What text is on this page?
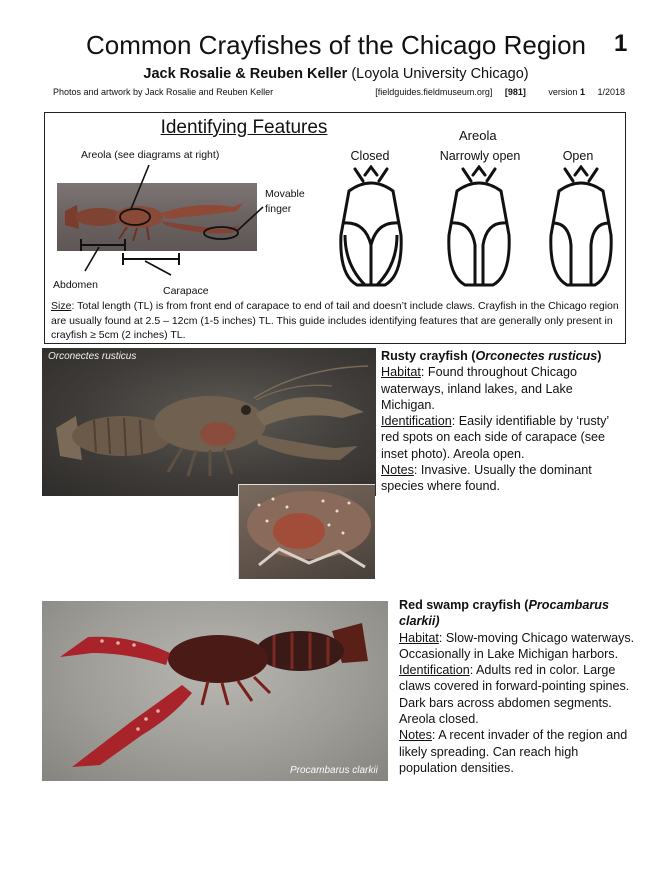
Common Crayfishes of the Chicago Region	1
Jack Rosalie & Reuben Keller (Loyola University Chicago)
Photos and artwork by Jack Rosalie and Reuben Keller	[fieldguides.fieldmuseum.org] [981]	version 1 1/2018
Identifying Features	Areola
Closed	Narrowly open	Open
Areola (see diagrams at right)
Movable finger
Abdomen	Carapace
Size: Total length (TL) is from front end of carapace to end of tail and doesn’t include claws. Crayfish in the Chicago region are usually found at 2.5 – 12cm (1-5 inches) TL. This guide includes identifying features that are generally only present in crayfish ≥ 5cm (2 inches) TL.
Orconectes rusticus	Rusty crayfish (Orconectes rusticus)

Habitat: Found throughout Chicago waterways, inland lakes, and Lake Michigan.

Identification: Easily identifiable by ‘rusty’ red spots on each side of carapace (see inset photo). Areola open.

Notes: Invasive. Usually the dominant species where found.

Procambarus clarkii

Red swamp crayfish (Procambarus clarkii)

Habitat: Slow-moving Chicago waterways. Occasionally in Lake Michigan harbors.

Identification: Adults red in color. Large claws covered in forward-pointing spines. Dark bars across abdomen segments. Areola closed.

Notes: A recent invader of the region and likely spreading. Can reach high population densities.
